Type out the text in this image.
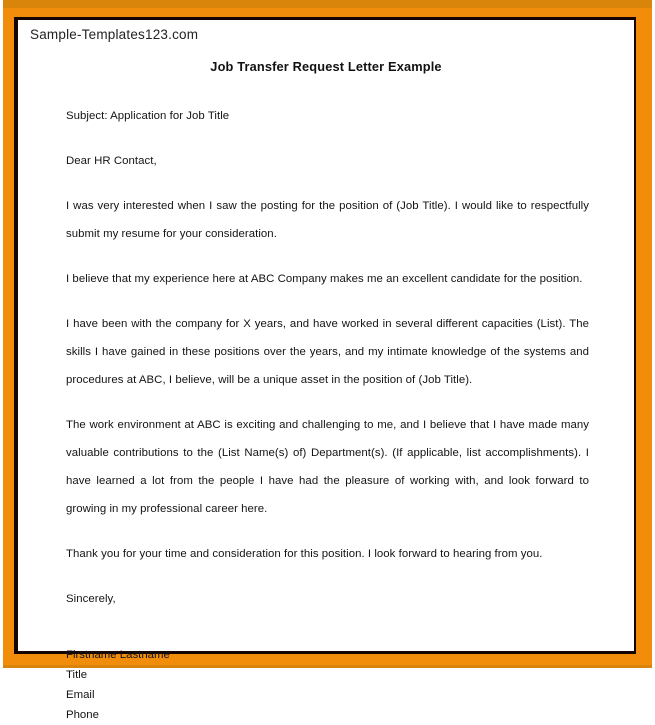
Sample-Templates123.com
Job Transfer Request Letter Example
Subject: Application for Job Title
Dear HR Contact,

I was very interested when I saw the posting for the position of (Job Title). I would like to respectfully submit my resume for your consideration.

I believe that my experience here at ABC Company makes me an excellent candidate for the position.

I have been with the company for X years, and have worked in several different capacities (List). The skills I have gained in these positions over the years, and my intimate knowledge of the systems and procedures at ABC, I believe, will be a unique asset in the position of (Job Title).

The work environment at ABC is exciting and challenging to me, and I believe that I have made many valuable contributions to the (List Name(s) of) Department(s). (If applicable, list accomplishments). I have learned a lot from the people I have had the pleasure of working with, and look forward to growing in my professional career here.

Thank you for your time and consideration for this position. I look forward to hearing from you.

Sincerely,
Firstname Lastname
Title
Email
Phone
